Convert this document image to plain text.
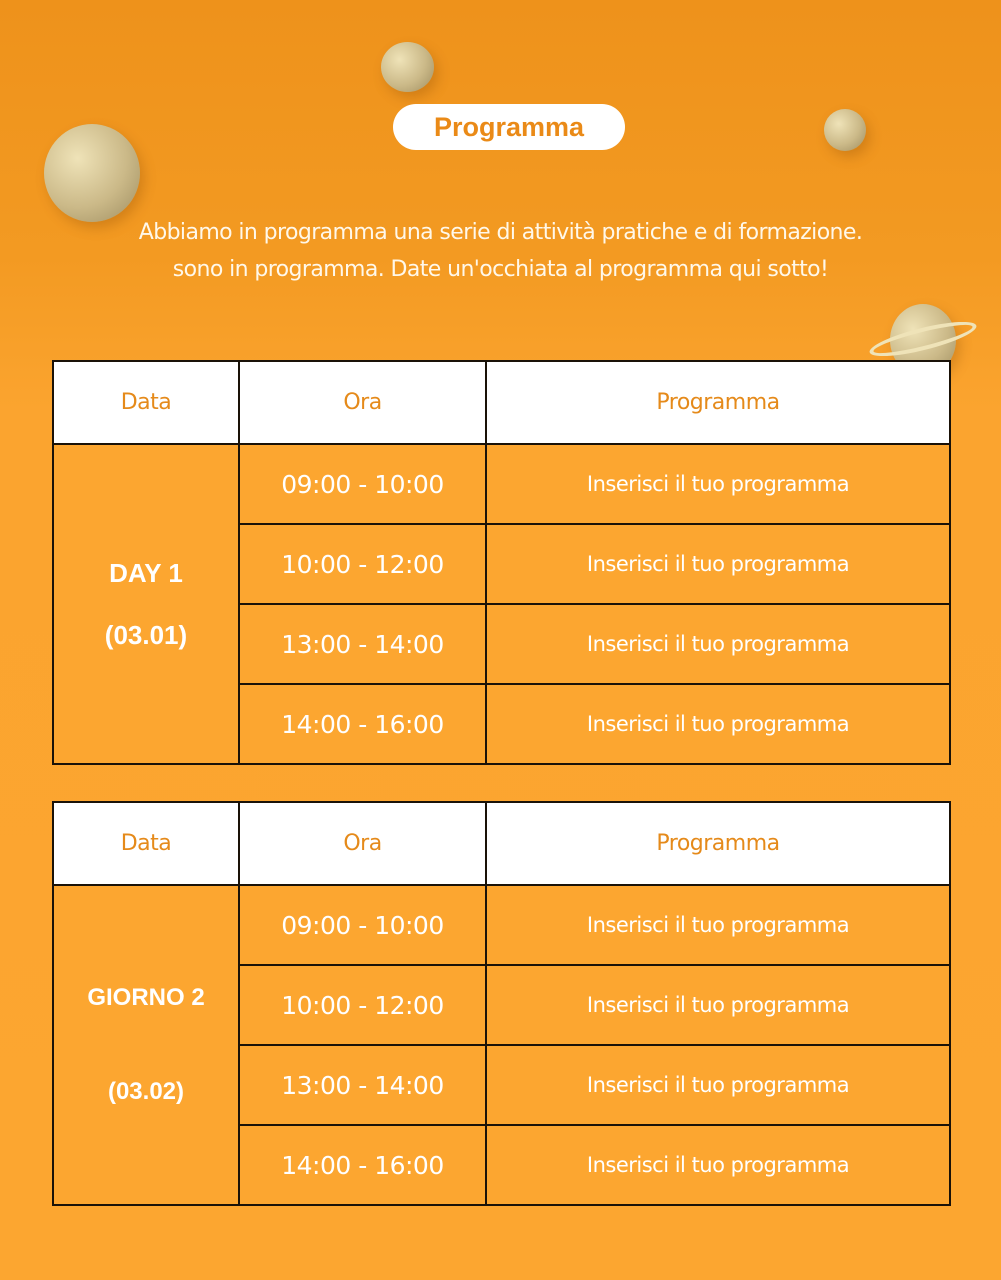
Programma
Abbiamo in programma una serie di attività pratiche e di formazione.
sono in programma. Date un'occhiata al programma qui sotto!
Data	Ora	Programma

DAY 1
(03.01)	09:00 - 10:00	Inserisci il tuo programma
	10:00 - 12:00	Inserisci il tuo programma
	13:00 - 14:00	Inserisci il tuo programma
	14:00 - 16:00	Inserisci il tuo programma
Data	Ora	Programma

GIORNO 2
(03.02)	09:00 - 10:00	Inserisci il tuo programma
	10:00 - 12:00	Inserisci il tuo programma
	13:00 - 14:00	Inserisci il tuo programma
	14:00 - 16:00	Inserisci il tuo programma
